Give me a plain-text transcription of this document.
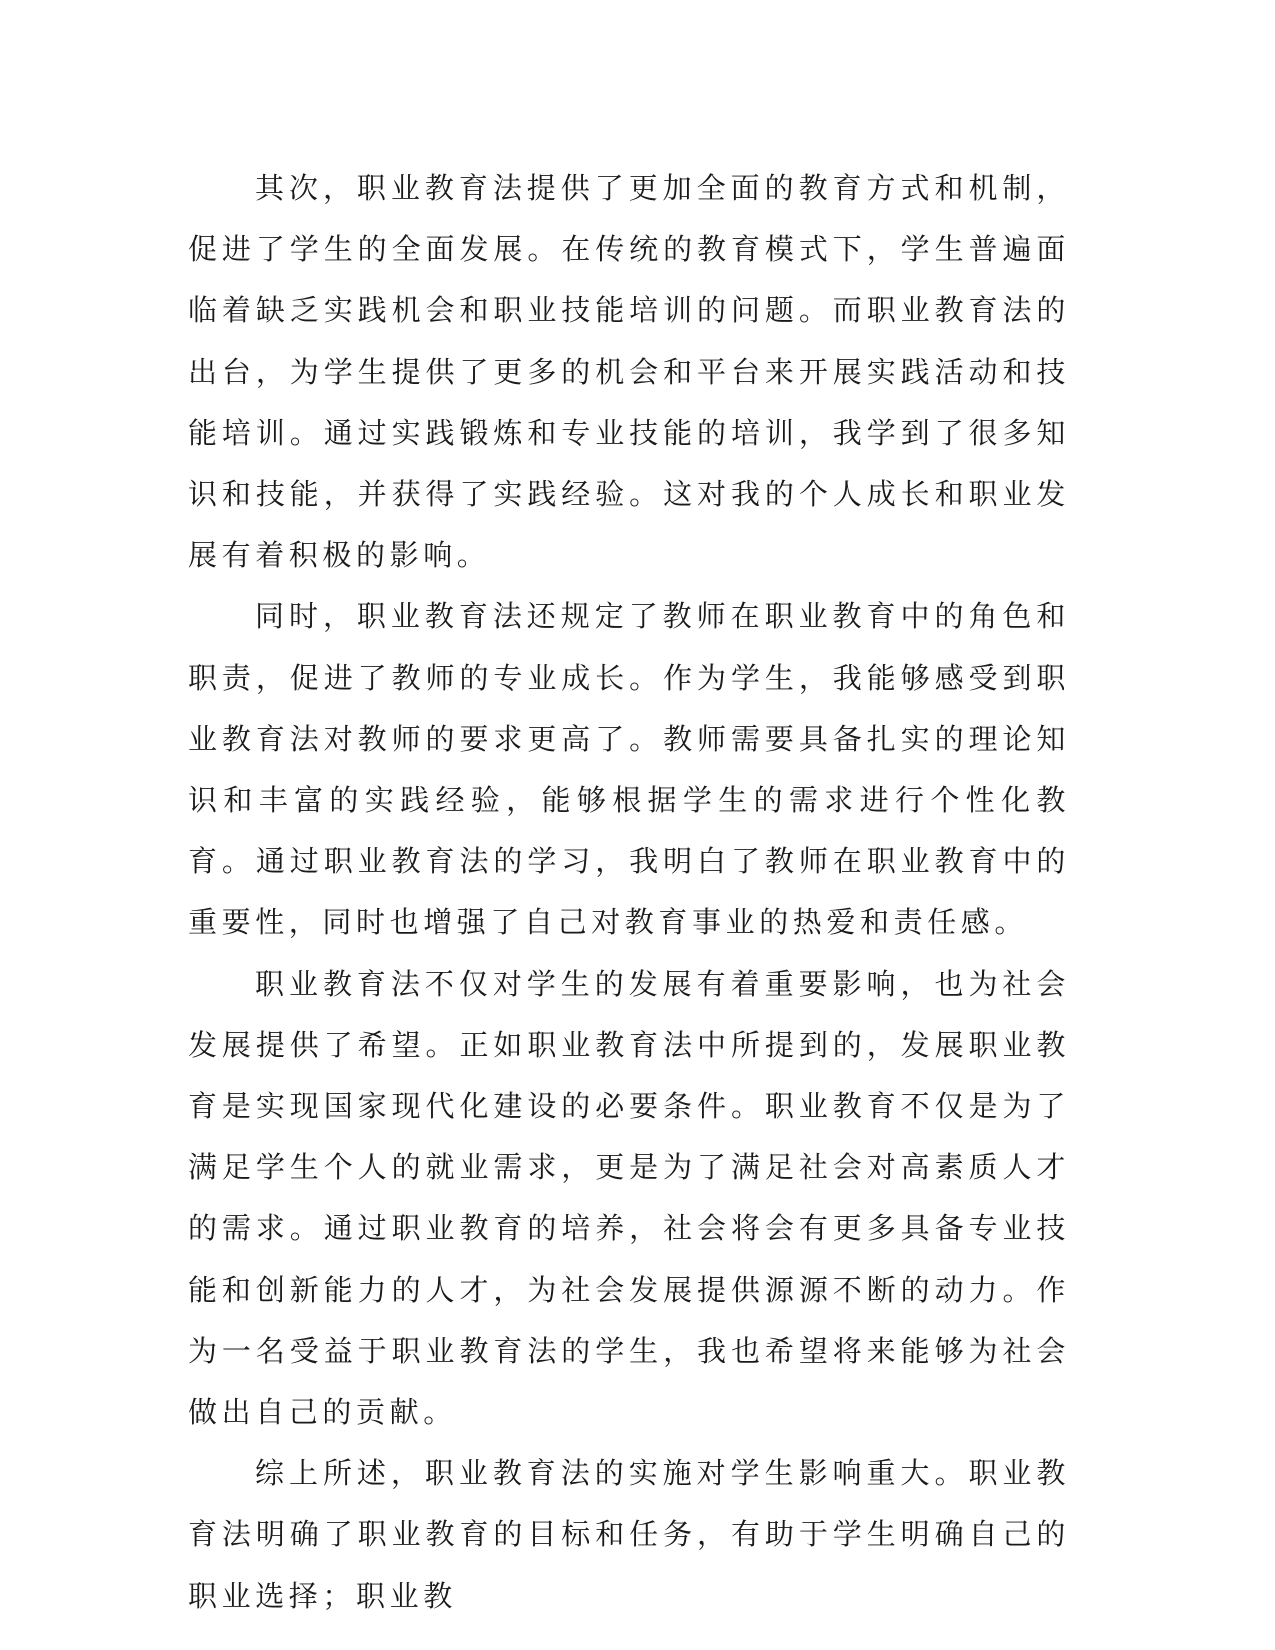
其次，职业教育法提供了更加全面的教育方式和机制，促进了学生的全面发展。在传统的教育模式下，学生普遍面临着缺乏实践机会和职业技能培训的问题。而职业教育法的出台，为学生提供了更多的机会和平台来开展实践活动和技能培训。通过实践锻炼和专业技能的培训，我学到了很多知识和技能，并获得了实践经验。这对我的个人成长和职业发展有着积极的影响。

同时，职业教育法还规定了教师在职业教育中的角色和职责，促进了教师的专业成长。作为学生，我能够感受到职业教育法对教师的要求更高了。教师需要具备扎实的理论知识和丰富的实践经验，能够根据学生的需求进行个性化教育。通过职业教育法的学习，我明白了教师在职业教育中的重要性，同时也增强了自己对教育事业的热爱和责任感。

职业教育法不仅对学生的发展有着重要影响，也为社会发展提供了希望。正如职业教育法中所提到的，发展职业教育是实现国家现代化建设的必要条件。职业教育不仅是为了满足学生个人的就业需求，更是为了满足社会对高素质人才的需求。通过职业教育的培养，社会将会有更多具备专业技能和创新能力的人才，为社会发展提供源源不断的动力。作为一名受益于职业教育法的学生，我也希望将来能够为社会做出自己的贡献。

综上所述，职业教育法的实施对学生影响重大。职业教育法明确了职业教育的目标和任务，有助于学生明确自己的职业选择；职业教
